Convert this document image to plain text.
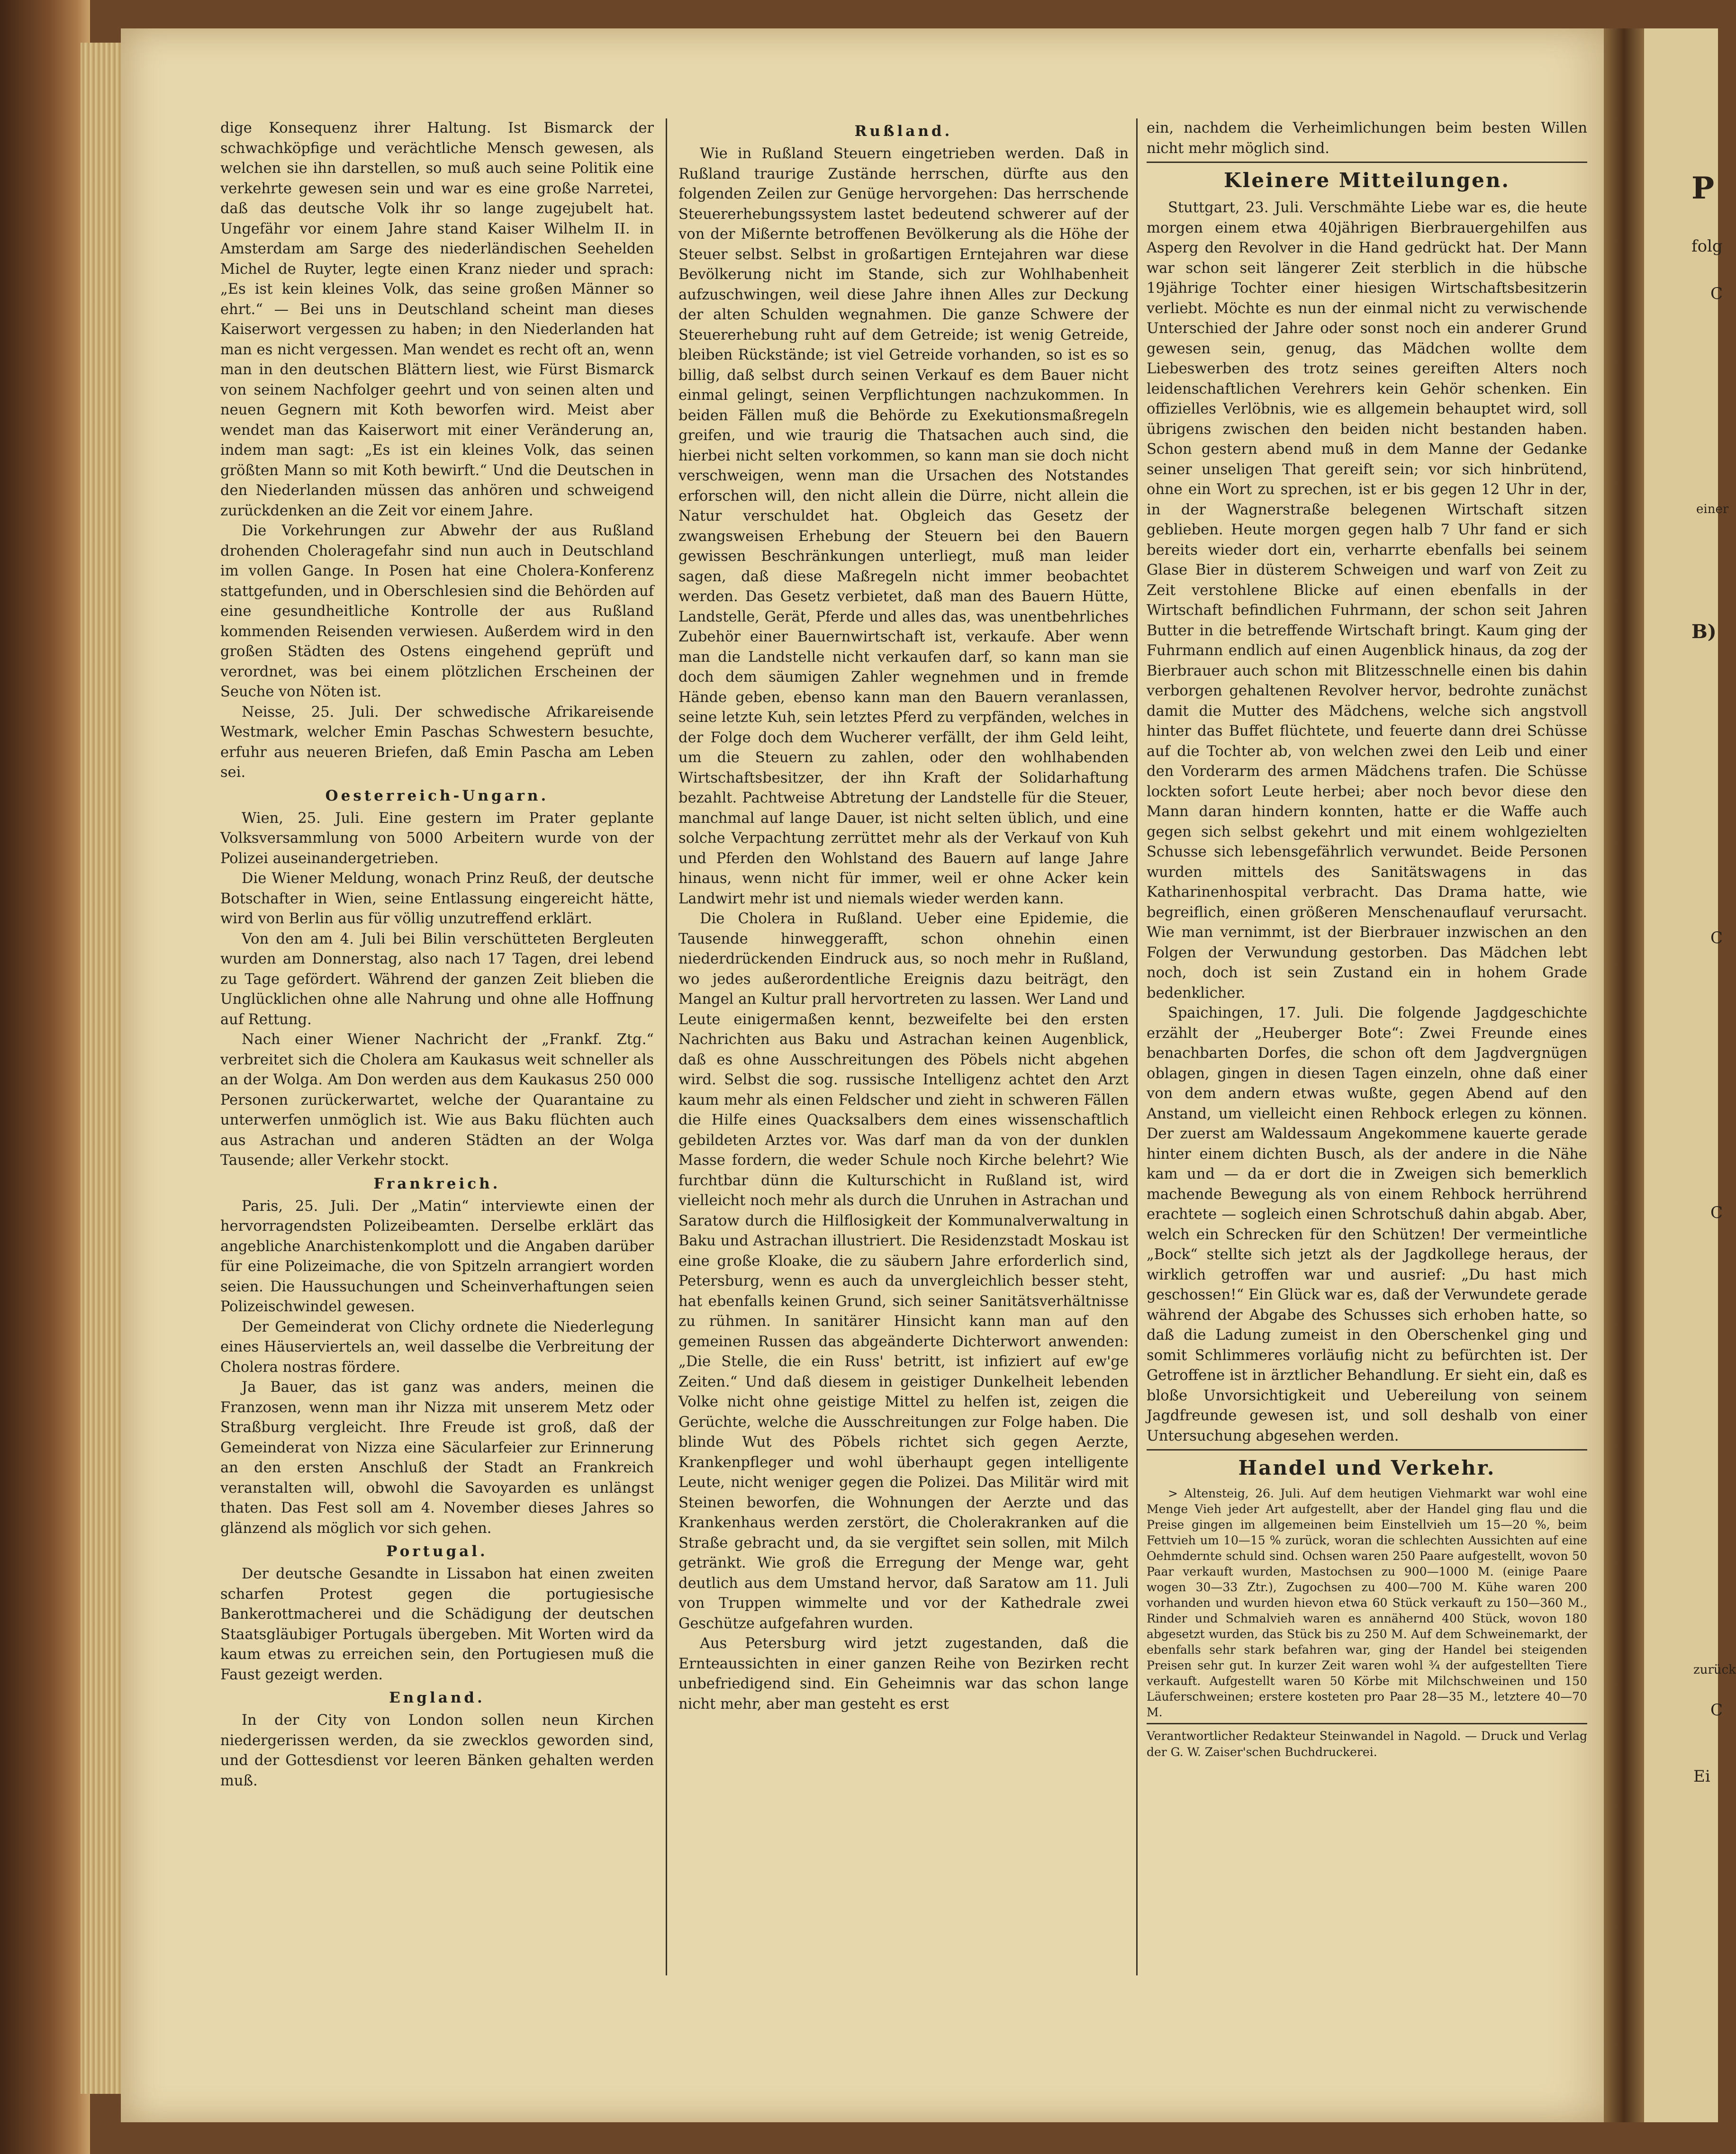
dige Konsequenz ihrer Haltung. Ist Bismarck der schwachköpfige und verächtliche Mensch gewesen, als welchen sie ihn darstellen, so muß auch seine Politik eine verkehrte gewesen sein und war es eine große Narretei, daß das deutsche Volk ihr so lange zugejubelt hat. Ungefähr vor einem Jahre stand Kaiser Wilhelm II. in Amsterdam am Sarge des niederländischen Seehelden Michel de Ruyter, legte einen Kranz nieder und sprach: „Es ist kein kleines Volk, das seine großen Männer so ehrt.“ — Bei uns in Deutschland scheint man dieses Kaiserwort vergessen zu haben; in den Niederlanden hat man es nicht vergessen. Man wendet es recht oft an, wenn man in den deutschen Blättern liest, wie Fürst Bismarck von seinem Nachfolger geehrt und von seinen alten und neuen Gegnern mit Koth beworfen wird. Meist aber wendet man das Kaiserwort mit einer Veränderung an, indem man sagt: „Es ist ein kleines Volk, das seinen größten Mann so mit Koth bewirft.“ Und die Deutschen in den Niederlanden müssen das anhören und schweigend zurückdenken an die Zeit vor einem Jahre.

Die Vorkehrungen zur Abwehr der aus Rußland drohenden Choleragefahr sind nun auch in Deutschland im vollen Gange. In Posen hat eine Cholera-Konferenz stattgefunden, und in Oberschlesien sind die Behörden auf eine gesundheitliche Kontrolle der aus Rußland kommenden Reisenden verwiesen. Außerdem wird in den großen Städten des Ostens eingehend geprüft und verordnet, was bei einem plötzlichen Erscheinen der Seuche von Nöten ist.

Neisse, 25. Juli. Der schwedische Afrikareisende Westmark, welcher Emin Paschas Schwestern besuchte, erfuhr aus neueren Briefen, daß Emin Pascha am Leben sei.

Oesterreich-Ungarn.

Wien, 25. Juli. Eine gestern im Prater geplante Volksversammlung von 5000 Arbeitern wurde von der Polizei auseinandergetrieben.

Die Wiener Meldung, wonach Prinz Reuß, der deutsche Botschafter in Wien, seine Entlassung eingereicht hätte, wird von Berlin aus für völlig unzutreffend erklärt.

Von den am 4. Juli bei Bilin verschütteten Bergleuten wurden am Donnerstag, also nach 17 Tagen, drei lebend zu Tage gefördert. Während der ganzen Zeit blieben die Unglücklichen ohne alle Nahrung und ohne alle Hoffnung auf Rettung.

Nach einer Wiener Nachricht der „Frankf. Ztg.“ verbreitet sich die Cholera am Kaukasus weit schneller als an der Wolga. Am Don werden aus dem Kaukasus 250 000 Personen zurückerwartet, welche der Quarantaine zu unterwerfen unmöglich ist. Wie aus Baku flüchten auch aus Astrachan und anderen Städten an der Wolga Tausende; aller Verkehr stockt.

Frankreich.

Paris, 25. Juli. Der „Matin“ interviewte einen der hervorragendsten Polizeibeamten. Derselbe erklärt das angebliche Anarchistenkomplott und die Angaben darüber für eine Polizeimache, die von Spitzeln arrangiert worden seien. Die Haussuchungen und Scheinverhaftungen seien Polizeischwindel gewesen.

Der Gemeinderat von Clichy ordnete die Niederlegung eines Häuserviertels an, weil dasselbe die Verbreitung der Cholera nostras fördere.

Ja Bauer, das ist ganz was anders, meinen die Franzosen, wenn man ihr Nizza mit unserem Metz oder Straßburg vergleicht. Ihre Freude ist groß, daß der Gemeinderat von Nizza eine Säcularfeier zur Erinnerung an den ersten Anschluß der Stadt an Frankreich veranstalten will, obwohl die Savoyarden es unlängst thaten. Das Fest soll am 4. November dieses Jahres so glänzend als möglich vor sich gehen.

Portugal.

Der deutsche Gesandte in Lissabon hat einen zweiten scharfen Protest gegen die portugiesische Bankerottmacherei und die Schädigung der deutschen Staatsgläubiger Portugals übergeben. Mit Worten wird da kaum etwas zu erreichen sein, den Portugiesen muß die Faust gezeigt werden.

England.

In der City von London sollen neun Kirchen niedergerissen werden, da sie zwecklos geworden sind, und der Gottesdienst vor leeren Bänken gehalten werden muß.

Rußland.

Wie in Rußland Steuern eingetrieben werden. Daß in Rußland traurige Zustände herrschen, dürfte aus den folgenden Zeilen zur Genüge hervorgehen: Das herrschende Steuererhebungssystem lastet bedeutend schwerer auf der von der Mißernte betroffenen Bevölkerung als die Höhe der Steuer selbst. Selbst in großartigen Erntejahren war diese Bevölkerung nicht im Stande, sich zur Wohlhabenheit aufzuschwingen, weil diese Jahre ihnen Alles zur Deckung der alten Schulden wegnahmen. Die ganze Schwere der Steuererhebung ruht auf dem Getreide; ist wenig Getreide, bleiben Rückstände; ist viel Getreide vorhanden, so ist es so billig, daß selbst durch seinen Verkauf es dem Bauer nicht einmal gelingt, seinen Verpflichtungen nachzukommen. In beiden Fällen muß die Behörde zu Exekutionsmaßregeln greifen, und wie traurig die Thatsachen auch sind, die hierbei nicht selten vorkommen, so kann man sie doch nicht verschweigen, wenn man die Ursachen des Notstandes erforschen will, den nicht allein die Dürre, nicht allein die Natur verschuldet hat. Obgleich das Gesetz der zwangsweisen Erhebung der Steuern bei den Bauern gewissen Beschränkungen unterliegt, muß man leider sagen, daß diese Maßregeln nicht immer beobachtet werden. Das Gesetz verbietet, daß man des Bauern Hütte, Landstelle, Gerät, Pferde und alles das, was unentbehrliches Zubehör einer Bauernwirtschaft ist, verkaufe. Aber wenn man die Landstelle nicht verkaufen darf, so kann man sie doch dem säumigen Zahler wegnehmen und in fremde Hände geben, ebenso kann man den Bauern veranlassen, seine letzte Kuh, sein letztes Pferd zu verpfänden, welches in der Folge doch dem Wucherer verfällt, der ihm Geld leiht, um die Steuern zu zahlen, oder den wohlhabenden Wirtschaftsbesitzer, der ihn Kraft der Solidarhaftung bezahlt. Pachtweise Abtretung der Landstelle für die Steuer, manchmal auf lange Dauer, ist nicht selten üblich, und eine solche Verpachtung zerrüttet mehr als der Verkauf von Kuh und Pferden den Wohlstand des Bauern auf lange Jahre hinaus, wenn nicht für immer, weil er ohne Acker kein Landwirt mehr ist und niemals wieder werden kann.

Die Cholera in Rußland. Ueber eine Epidemie, die Tausende hinweggerafft, schon ohnehin einen niederdrückenden Eindruck aus, so noch mehr in Rußland, wo jedes außerordentliche Ereignis dazu beiträgt, den Mangel an Kultur prall hervortreten zu lassen. Wer Land und Leute einigermaßen kennt, bezweifelte bei den ersten Nachrichten aus Baku und Astrachan keinen Augenblick, daß es ohne Ausschreitungen des Pöbels nicht abgehen wird. Selbst die sog. russische Intelligenz achtet den Arzt kaum mehr als einen Feldscher und zieht in schweren Fällen die Hilfe eines Quacksalbers dem eines wissenschaftlich gebildeten Arztes vor. Was darf man da von der dunklen Masse fordern, die weder Schule noch Kirche belehrt? Wie furchtbar dünn die Kulturschicht in Rußland ist, wird vielleicht noch mehr als durch die Unruhen in Astrachan und Saratow durch die Hilflosigkeit der Kommunalverwaltung in Baku und Astrachan illustriert. Die Residenzstadt Moskau ist eine große Kloake, die zu säubern Jahre erforderlich sind, Petersburg, wenn es auch da unvergleichlich besser steht, hat ebenfalls keinen Grund, sich seiner Sanitätsverhältnisse zu rühmen. In sanitärer Hinsicht kann man auf den gemeinen Russen das abgeänderte Dichterwort anwenden: „Die Stelle, die ein Russ' betritt, ist infiziert auf ew'ge Zeiten.“ Und daß diesem in geistiger Dunkelheit lebenden Volke nicht ohne geistige Mittel zu helfen ist, zeigen die Gerüchte, welche die Ausschreitungen zur Folge haben. Die blinde Wut des Pöbels richtet sich gegen Aerzte, Krankenpfleger und wohl überhaupt gegen intelligente Leute, nicht weniger gegen die Polizei. Das Militär wird mit Steinen beworfen, die Wohnungen der Aerzte und das Krankenhaus werden zerstört, die Cholerakranken auf die Straße gebracht und, da sie vergiftet sein sollen, mit Milch getränkt. Wie groß die Erregung der Menge war, geht deutlich aus dem Umstand hervor, daß Saratow am 11. Juli von Truppen wimmelte und vor der Kathedrale zwei Geschütze aufgefahren wurden.

Aus Petersburg wird jetzt zugestanden, daß die Ernteaussichten in einer ganzen Reihe von Bezirken recht unbefriedigend sind. Ein Geheimnis war das schon lange nicht mehr, aber man gesteht es erst

ein, nachdem die Verheimlichungen beim besten Willen nicht mehr möglich sind.

Kleinere Mitteilungen.

Stuttgart, 23. Juli. Verschmähte Liebe war es, die heute morgen einem etwa 40jährigen Bierbrauergehilfen aus Asperg den Revolver in die Hand gedrückt hat. Der Mann war schon seit längerer Zeit sterblich in die hübsche 19jährige Tochter einer hiesigen Wirtschaftsbesitzerin verliebt. Möchte es nun der einmal nicht zu verwischende Unterschied der Jahre oder sonst noch ein anderer Grund gewesen sein, genug, das Mädchen wollte dem Liebeswerben des trotz seines gereiften Alters noch leidenschaftlichen Verehrers kein Gehör schenken. Ein offizielles Verlöbnis, wie es allgemein behauptet wird, soll übrigens zwischen den beiden nicht bestanden haben. Schon gestern abend muß in dem Manne der Gedanke seiner unseligen That gereift sein; vor sich hinbrütend, ohne ein Wort zu sprechen, ist er bis gegen 12 Uhr in der, in der Wagnerstraße belegenen Wirtschaft sitzen geblieben. Heute morgen gegen halb 7 Uhr fand er sich bereits wieder dort ein, verharrte ebenfalls bei seinem Glase Bier in düsterem Schweigen und warf von Zeit zu Zeit verstohlene Blicke auf einen ebenfalls in der Wirtschaft befindlichen Fuhrmann, der schon seit Jahren Butter in die betreffende Wirtschaft bringt. Kaum ging der Fuhrmann endlich auf einen Augenblick hinaus, da zog der Bierbrauer auch schon mit Blitzesschnelle einen bis dahin verborgen gehaltenen Revolver hervor, bedrohte zunächst damit die Mutter des Mädchens, welche sich angstvoll hinter das Buffet flüchtete, und feuerte dann drei Schüsse auf die Tochter ab, von welchen zwei den Leib und einer den Vorderarm des armen Mädchens trafen. Die Schüsse lockten sofort Leute herbei; aber noch bevor diese den Mann daran hindern konnten, hatte er die Waffe auch gegen sich selbst gekehrt und mit einem wohlgezielten Schusse sich lebensgefährlich verwundet. Beide Personen wurden mittels des Sanitätswagens in das Katharinenhospital verbracht. Das Drama hatte, wie begreiflich, einen größeren Menschenauflauf verursacht. Wie man vernimmt, ist der Bierbrauer inzwischen an den Folgen der Verwundung gestorben. Das Mädchen lebt noch, doch ist sein Zustand ein in hohem Grade bedenklicher.

Spaichingen, 17. Juli. Die folgende Jagdgeschichte erzählt der „Heuberger Bote“: Zwei Freunde eines benachbarten Dorfes, die schon oft dem Jagdvergnügen oblagen, gingen in diesen Tagen einzeln, ohne daß einer von dem andern etwas wußte, gegen Abend auf den Anstand, um vielleicht einen Rehbock erlegen zu können. Der zuerst am Waldessaum Angekommene kauerte gerade hinter einem dichten Busch, als der andere in die Nähe kam und — da er dort die in Zweigen sich bemerklich machende Bewegung als von einem Rehbock herrührend erachtete — sogleich einen Schrotschuß dahin abgab. Aber, welch ein Schrecken für den Schützen! Der vermeintliche „Bock“ stellte sich jetzt als der Jagdkollege heraus, der wirklich getroffen war und ausrief: „Du hast mich geschossen!“ Ein Glück war es, daß der Verwundete gerade während der Abgabe des Schusses sich erhoben hatte, so daß die Ladung zumeist in den Oberschenkel ging und somit Schlimmeres vorläufig nicht zu befürchten ist. Der Getroffene ist in ärztlicher Behandlung. Er sieht ein, daß es bloße Unvorsichtigkeit und Uebereilung von seinem Jagdfreunde gewesen ist, und soll deshalb von einer Untersuchung abgesehen werden.

Handel und Verkehr.

> Altensteig, 26. Juli. Auf dem heutigen Viehmarkt war wohl eine Menge Vieh jeder Art aufgestellt, aber der Handel ging flau und die Preise gingen im allgemeinen beim Einstellvieh um 15—20 %, beim Fettvieh um 10—15 % zurück, woran die schlechten Aussichten auf eine Oehmdernte schuld sind. Ochsen waren 250 Paare aufgestellt, wovon 50 Paar verkauft wurden, Mastochsen zu 900—1000 M. (einige Paare wogen 30—33 Ztr.), Zugochsen zu 400—700 M. Kühe waren 200 vorhanden und wurden hievon etwa 60 Stück verkauft zu 150—360 M., Rinder und Schmalvieh waren es annähernd 400 Stück, wovon 180 abgesetzt wurden, das Stück bis zu 250 M. Auf dem Schweinemarkt, der ebenfalls sehr stark befahren war, ging der Handel bei steigenden Preisen sehr gut. In kurzer Zeit waren wohl ¾ der aufgestellten Tiere verkauft. Aufgestellt waren 50 Körbe mit Milchschweinen und 150 Läuferschweinen; erstere kosteten pro Paar 28—35 M., letztere 40—70 M.

Verantwortlicher Redakteur Steinwandel in Nagold. — Druck und Verlag der G. W. Zaiser'schen Buchdruckerei.

P
folg
C
einer
B)
C
C
zurück
C
Ei
